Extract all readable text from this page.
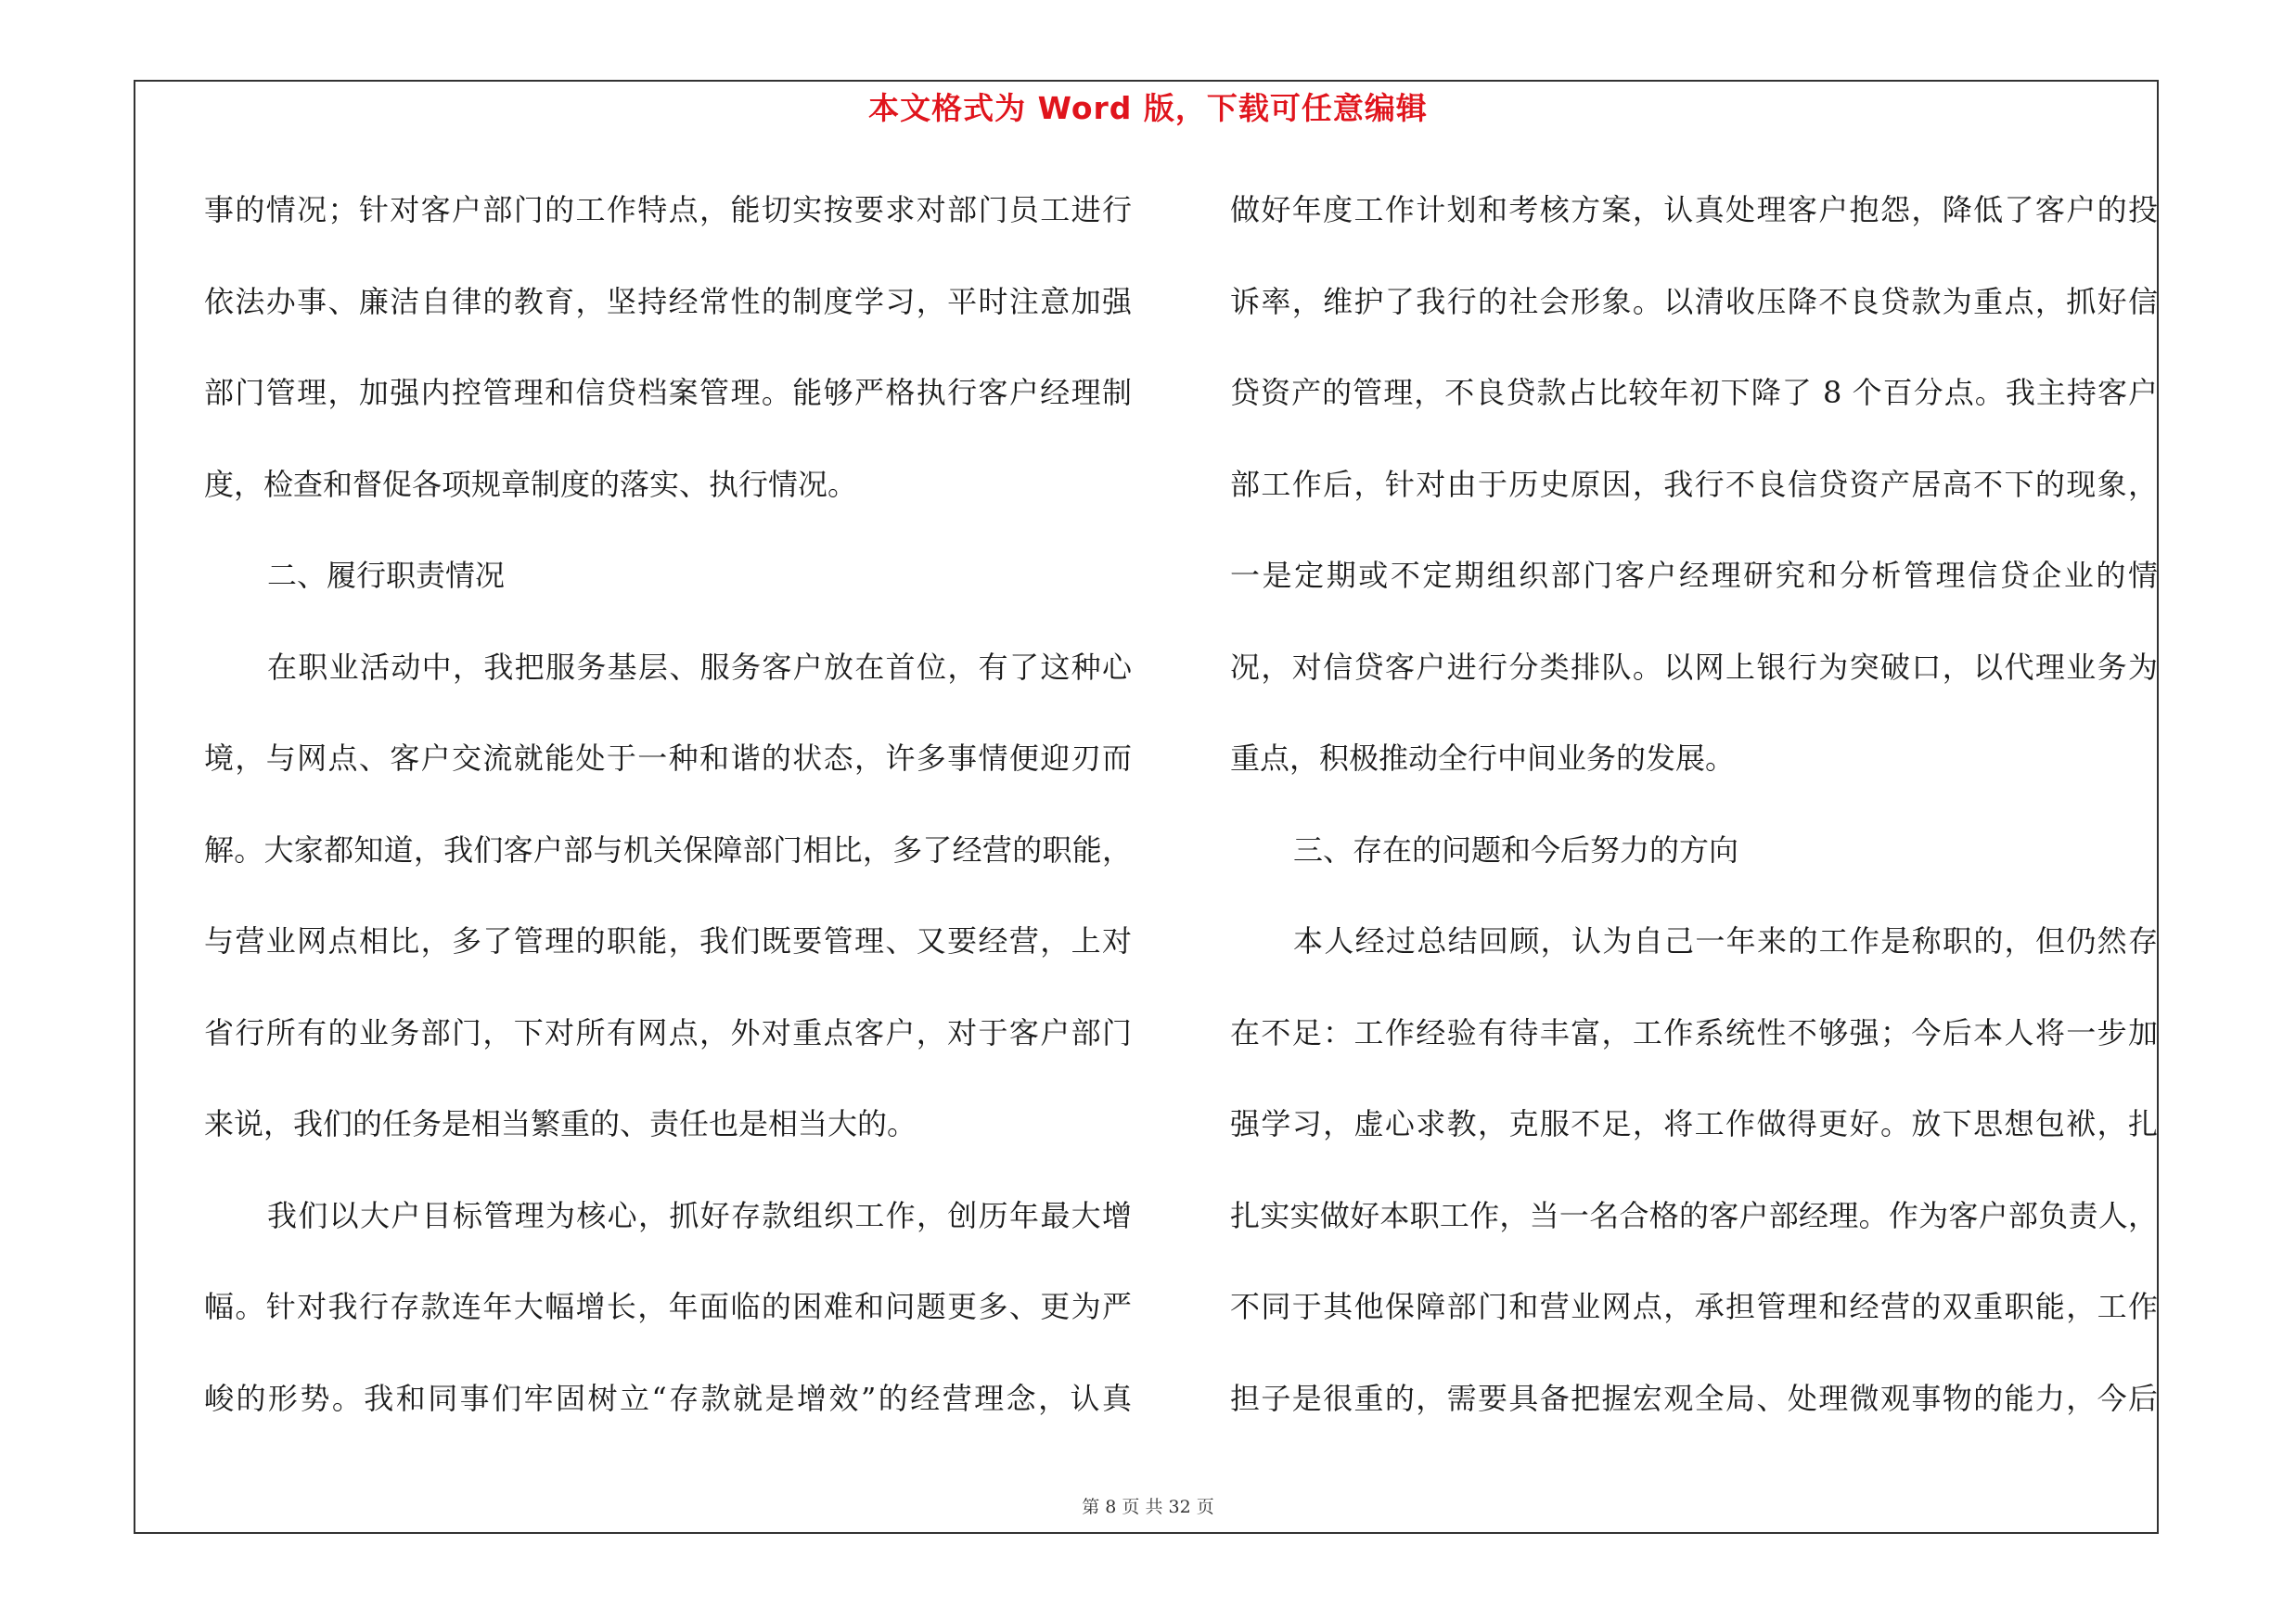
本文格式为 Word 版，下载可任意编辑
事的情况；针对客户部门的工作特点，能切实按要求对部门员工进行
依法办事、廉洁自律的教育，坚持经常性的制度学习，平时注意加强
部门管理，加强内控管理和信贷档案管理。能够严格执行客户经理制
度，检查和督促各项规章制度的落实、执行情况。
二、履行职责情况
在职业活动中，我把服务基层、服务客户放在首位，有了这种心
境，与网点、客户交流就能处于一种和谐的状态，许多事情便迎刃而
解。大家都知道，我们客户部与机关保障部门相比，多了经营的职能，
与营业网点相比，多了管理的职能，我们既要管理、又要经营，上对
省行所有的业务部门，下对所有网点，外对重点客户，对于客户部门
来说，我们的任务是相当繁重的、责任也是相当大的。
我们以大户目标管理为核心，抓好存款组织工作，创历年最大增
幅。针对我行存款连年大幅增长，年面临的困难和问题更多、更为严
峻的形势。我和同事们牢固树立“存款就是增效”的经营理念，认真
做好年度工作计划和考核方案，认真处理客户抱怨，降低了客户的投
诉率，维护了我行的社会形象。以清收压降不良贷款为重点，抓好信
贷资产的管理，不良贷款占比较年初下降了 8 个百分点。我主持客户
部工作后，针对由于历史原因，我行不良信贷资产居高不下的现象，
一是定期或不定期组织部门客户经理研究和分析管理信贷企业的情
况，对信贷客户进行分类排队。以网上银行为突破口，以代理业务为
重点，积极推动全行中间业务的发展。
三、存在的问题和今后努力的方向
本人经过总结回顾，认为自己一年来的工作是称职的，但仍然存
在不足：工作经验有待丰富，工作系统性不够强；今后本人将一步加
强学习，虚心求教，克服不足，将工作做得更好。放下思想包袱，扎
扎实实做好本职工作，当一名合格的客户部经理。作为客户部负责人，
不同于其他保障部门和营业网点，承担管理和经营的双重职能，工作
担子是很重的，需要具备把握宏观全局、处理微观事物的能力，今后
第 8 页 共 32 页
